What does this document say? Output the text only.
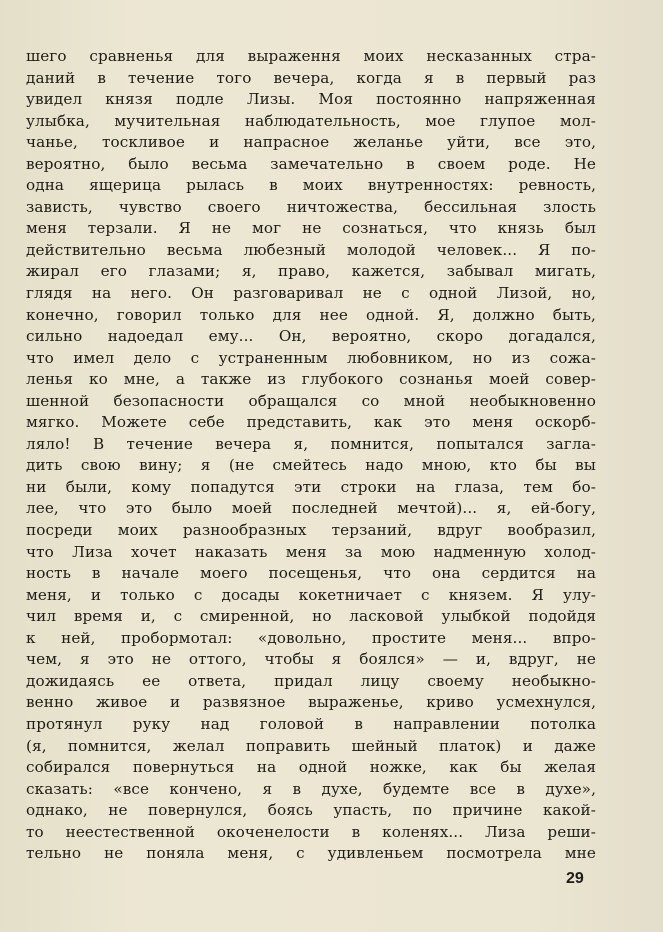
шего сравненья для выраження моих несказанных стра-
даний в течение того вечера, когда я в первый раз
увидел князя подле Лизы. Моя постоянно напряженная
улыбка, мучительная наблюдательность, мое глупое мол-
чанье, тоскливое и напрасное желанье уйти, все это,
вероятно, было весьма замечательно в своем роде. Не
одна ящерица рылась в моих внутренностях: ревность,
зависть, чувство своего ничтожества, бессильная злость
меня терзали. Я не мог не сознаться, что князь был
действительно весьма любезный молодой человек... Я по-
жирал его глазами; я, право, кажется, забывал мигать,
глядя на него. Он разговаривал не с одной Лизой, но,
конечно, говорил только для нее одной. Я, должно быть,
сильно надоедал ему... Он, вероятно, скоро догадался,
что имел дело с устраненным любовником, но из сожа-
ленья ко мне, а также из глубокого сознанья моей совер-
шенной безопасности обращался со мной необыкновенно
мягко. Можете себе представить, как это меня оскорб-
ляло! В течение вечера я, помнится, попытался загла-
дить свою вину; я (не смейтесь надо мною, кто бы вы
ни были, кому попадутся эти строки на глаза, тем бо-
лее, что это было моей последней мечтой)... я, ей-богу,
посреди моих разнообразных терзаний, вдруг вообразил,
что Лиза хочет наказать меня за мою надменную холод-
ность в начале моего посещенья, что она сердится на
меня, и только с досады кокетничает с князем. Я улу-
чил время и, с смиренной, но ласковой улыбкой подойдя
к ней, пробормотал: «довольно, простите меня... впро-
чем, я это не оттого, чтобы я боялся» — и, вдруг, не
дожидаясь ее ответа, придал лицу своему необыкно-
венно живое и развязное выраженье, криво усмехнулся,
протянул руку над головой в направлении потолка
(я, помнится, желал поправить шейный платок) и даже
собирался повернуться на одной ножке, как бы желая
сказать: «все кончено, я в духе, будемте все в духе»,
однако, не повернулся, боясь упасть, по причине какой-
то неестественной окоченелости в коленях... Лиза реши-
тельно не поняла меня, с удивленьем посмотрела мне
29
